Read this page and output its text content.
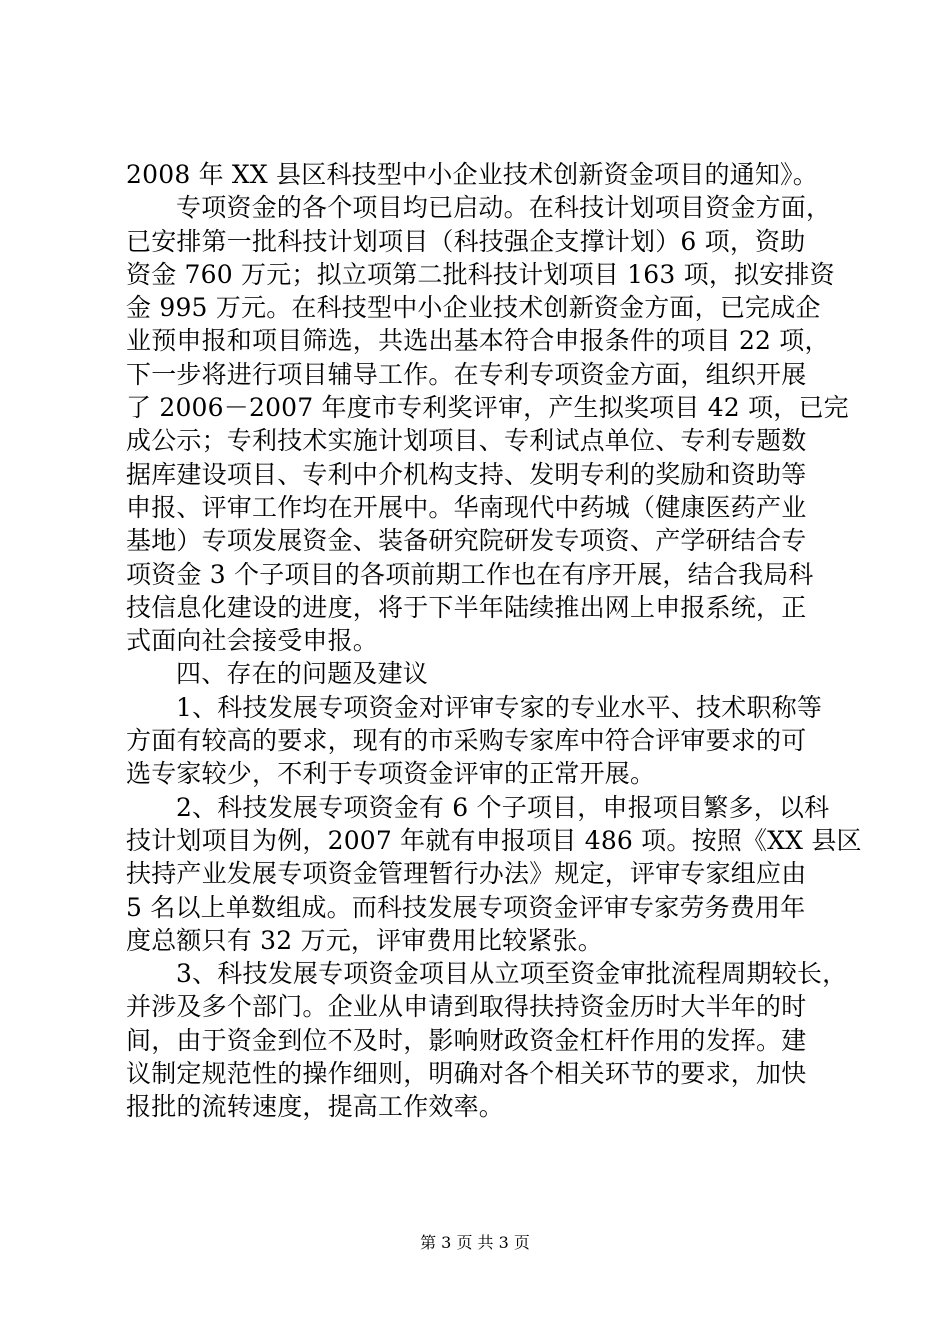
2008 年 XX 县区科技型中小企业技术创新资金项目的通知》。
专项资金的各个项目均已启动。在科技计划项目资金方面，
已安排第一批科技计划项目（科技强企支撑计划）6 项，资助
资金 760 万元；拟立项第二批科技计划项目 163 项，拟安排资
金 995 万元。在科技型中小企业技术创新资金方面，已完成企
业预申报和项目筛选，共选出基本符合申报条件的项目 22 项，
下一步将进行项目辅导工作。在专利专项资金方面，组织开展
了 2006－2007 年度市专利奖评审，产生拟奖项目 42 项，已完
成公示；专利技术实施计划项目、专利试点单位、专利专题数
据库建设项目、专利中介机构支持、发明专利的奖励和资助等
申报、评审工作均在开展中。华南现代中药城（健康医药产业
基地）专项发展资金、装备研究院研发专项资、产学研结合专
项资金 3 个子项目的各项前期工作也在有序开展，结合我局科
技信息化建设的进度，将于下半年陆续推出网上申报系统，正
式面向社会接受申报。
四、存在的问题及建议
1、科技发展专项资金对评审专家的专业水平、技术职称等
方面有较高的要求，现有的市采购专家库中符合评审要求的可
选专家较少，不利于专项资金评审的正常开展。
2、科技发展专项资金有 6 个子项目，申报项目繁多，以科
技计划项目为例，2007 年就有申报项目 486 项。按照《XX 县区
扶持产业发展专项资金管理暂行办法》规定，评审专家组应由
5 名以上单数组成。而科技发展专项资金评审专家劳务费用年
度总额只有 32 万元，评审费用比较紧张。
3、科技发展专项资金项目从立项至资金审批流程周期较长，
并涉及多个部门。企业从申请到取得扶持资金历时大半年的时
间，由于资金到位不及时，影响财政资金杠杆作用的发挥。建
议制定规范性的操作细则，明确对各个相关环节的要求，加快
报批的流转速度，提高工作效率。
第 3 页 共 3 页
